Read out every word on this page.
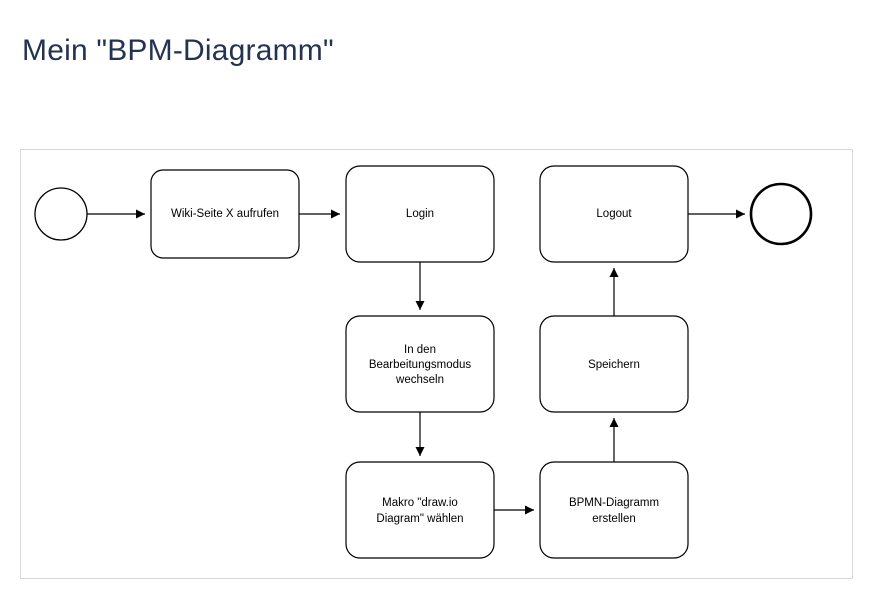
Mein "BPM-Diagramm"
Wiki-Seite X aufrufen	Login
In den
Bearbeitungsmodus
wechseln
Makro "draw.io
Diagram" wählen
BPMN-Diagramm
erstellen
Speichern
Logout
